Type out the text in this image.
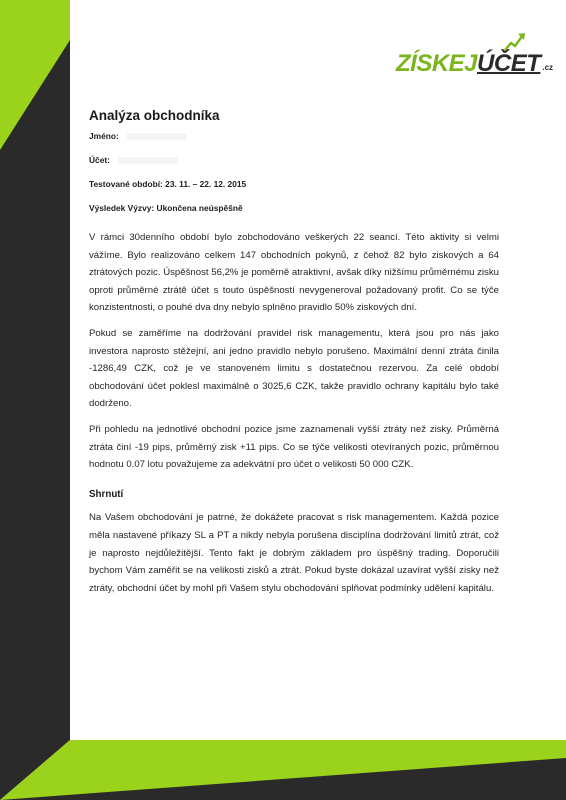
ZÍSKEJ ÚČET .cz
Analýza obchodníka
Jméno:
Účet:
Testované období: 23. 11. – 22. 12. 2015
Výsledek Výzvy: Ukončena neúspěšně

V rámci 30denního období bylo zobchodováno veškerých 22 seancí. Této aktivity si velmi vážíme. Bylo realizováno celkem 147 obchodních pokynů, z čehož 82 bylo ziskových a 64 ztrátových pozic. Úspěšnost 56,2% je poměrně atraktivní, avšak díky nižšímu průměrnému zisku oproti průměrné ztrátě účet s touto úspěšností nevygeneroval požadovaný profit. Co se týče konzistentnosti, o pouhé dva dny nebylo splněno pravidlo 50% ziskových dní.

Pokud se zaměříme na dodržování pravidel risk managementu, která jsou pro nás jako investora naprosto stěžejní, ani jedno pravidlo nebylo porušeno. Maximální denní ztráta činila -1286,49 CZK, což je ve stanoveném limitu s dostatečnou rezervou. Za celé období obchodování účet poklesl maximálně o 3025,6 CZK, takže pravidlo ochrany kapitálu bylo také dodrženo.

Při pohledu na jednotlivé obchodní pozice jsme zaznamenali vyšší ztráty než zisky. Průměrná ztráta činí -19 pips, průměrný zisk +11 pips. Co se týče velikosti otevíraných pozic, průměrnou hodnotu 0.07 lotu považujeme za adekvátní pro účet o velikosti 50 000 CZK.

Shrnutí

Na Vašem obchodování je patrné, že dokážete pracovat s risk managementem. Každá pozice měla nastavené příkazy SL a PT a nikdy nebyla porušena disciplína dodržování limitů ztrát, což je naprosto nejdůležitější. Tento fakt je dobrým základem pro úspěšný trading. Doporučili bychom Vám zaměřit se na velikosti zisků a ztrát. Pokud byste dokázal uzavírat vyšší zisky než ztráty, obchodní účet by mohl při Vašem stylu obchodování splňovat podmínky udělení kapitálu.
